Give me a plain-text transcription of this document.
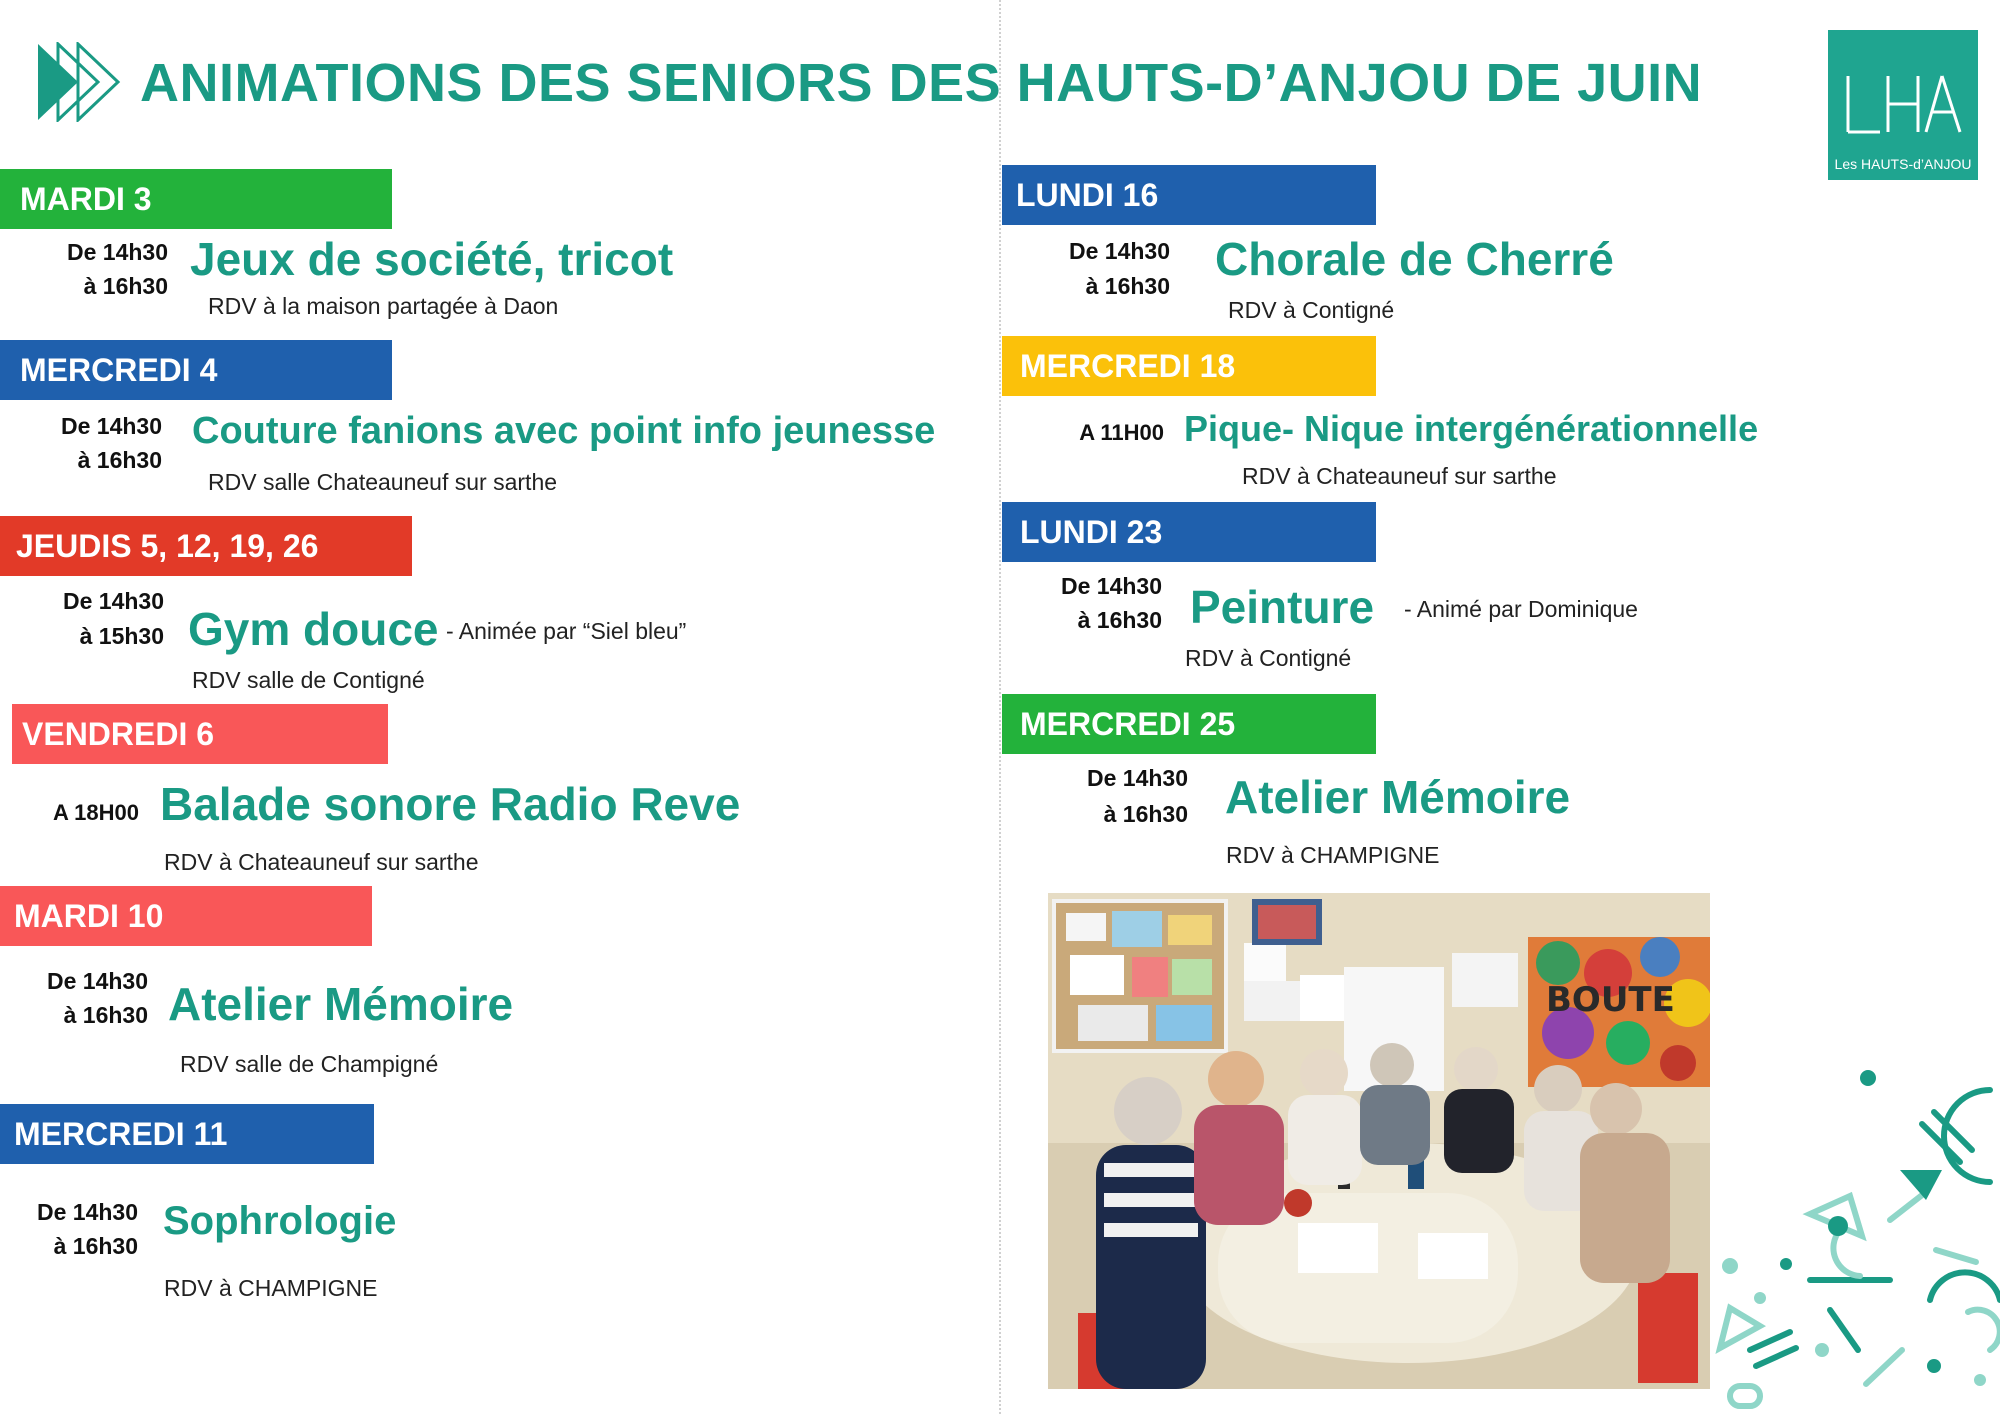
ANIMATIONS DES SENIORS DES HAUTS-D’ANJOU DE JUIN
Les HAUTS-d’ANJOU
MARDI 3
De 14h30
à 16h30
Jeux de société, tricot
RDV à la maison partagée à Daon
MERCREDI 4
De 14h30
à 16h30
Couture fanions avec point info jeunesse
RDV salle Chateauneuf sur sarthe
JEUDIS 5, 12, 19, 26
De 14h30
à 15h30 Gym douce - Animée par “Siel bleu”
RDV salle de Contigné
VENDREDI 6
A 18H00 Balade sonore Radio Reve
RDV à Chateauneuf sur sarthe
MARDI 10
De 14h30
à 16h30 Atelier Mémoire
RDV salle de Champigné
MERCREDI 11
De 14h30
à 16h30
Sophrologie
RDV à CHAMPIGNE
LUNDI 16
De 14h30
à 16h30
Chorale de Cherré
RDV à Contigné
MERCREDI 18
A 11H00 Pique- Nique intergénérationnelle
RDV à Chateauneuf sur sarthe
LUNDI 23
De 14h30
à 16h30 Peinture - Animé par Dominique
RDV à Contigné
MERCREDI 25
De 14h30
à 16h30 Atelier Mémoire
RDV à CHAMPIGNE
BOUTE
